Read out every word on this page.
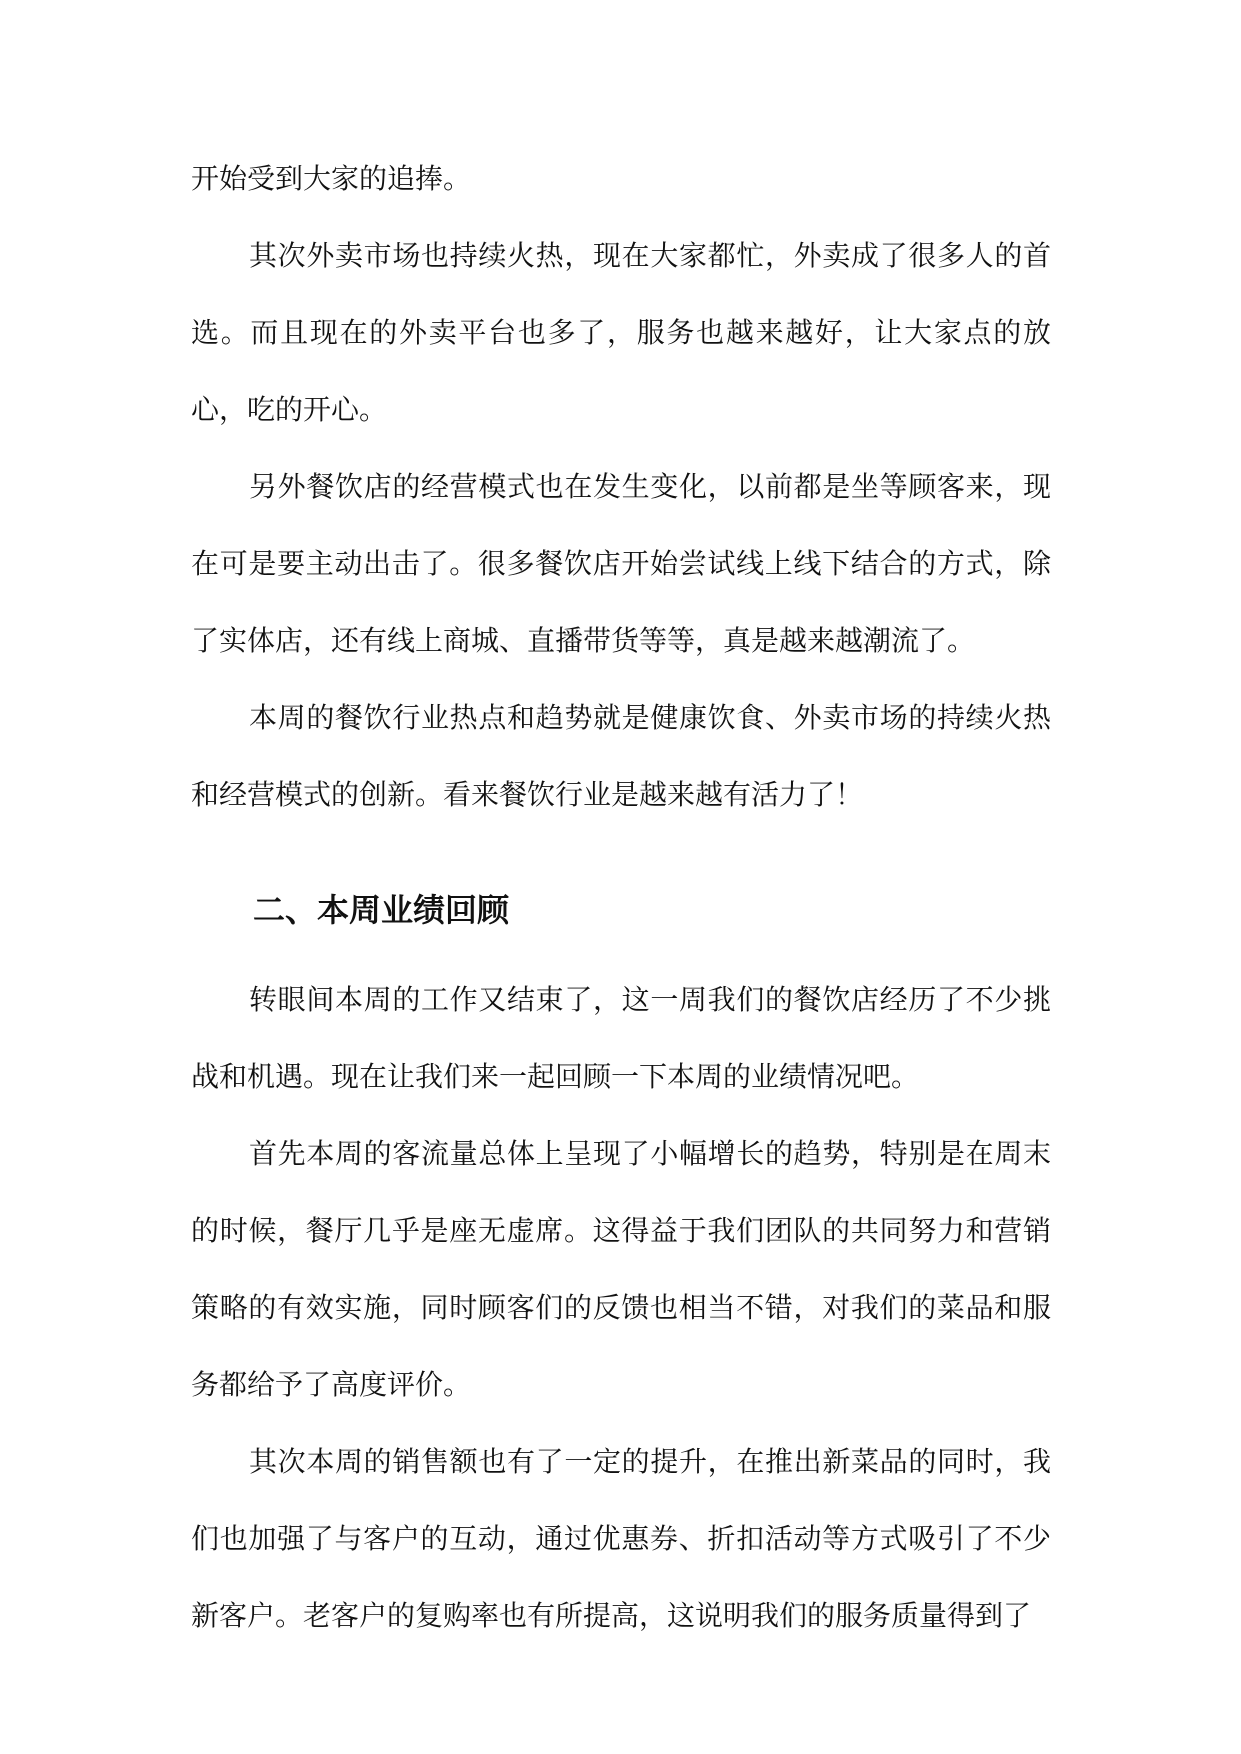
开始受到大家的追捧。

其次外卖市场也持续火热，现在大家都忙，外卖成了很多人的首选。而且现在的外卖平台也多了，服务也越来越好，让大家点的放心，吃的开心。

另外餐饮店的经营模式也在发生变化，以前都是坐等顾客来，现在可是要主动出击了。很多餐饮店开始尝试线上线下结合的方式，除了实体店，还有线上商城、直播带货等等，真是越来越潮流了。

本周的餐饮行业热点和趋势就是健康饮食、外卖市场的持续火热和经营模式的创新。看来餐饮行业是越来越有活力了！

二、本周业绩回顾

转眼间本周的工作又结束了，这一周我们的餐饮店经历了不少挑战和机遇。现在让我们来一起回顾一下本周的业绩情况吧。

首先本周的客流量总体上呈现了小幅增长的趋势，特别是在周末的时候，餐厅几乎是座无虚席。这得益于我们团队的共同努力和营销策略的有效实施，同时顾客们的反馈也相当不错，对我们的菜品和服务都给予了高度评价。

其次本周的销售额也有了一定的提升，在推出新菜品的同时，我们也加强了与客户的互动，通过优惠券、折扣活动等方式吸引了不少新客户。老客户的复购率也有所提高，这说明我们的服务质量得到了
